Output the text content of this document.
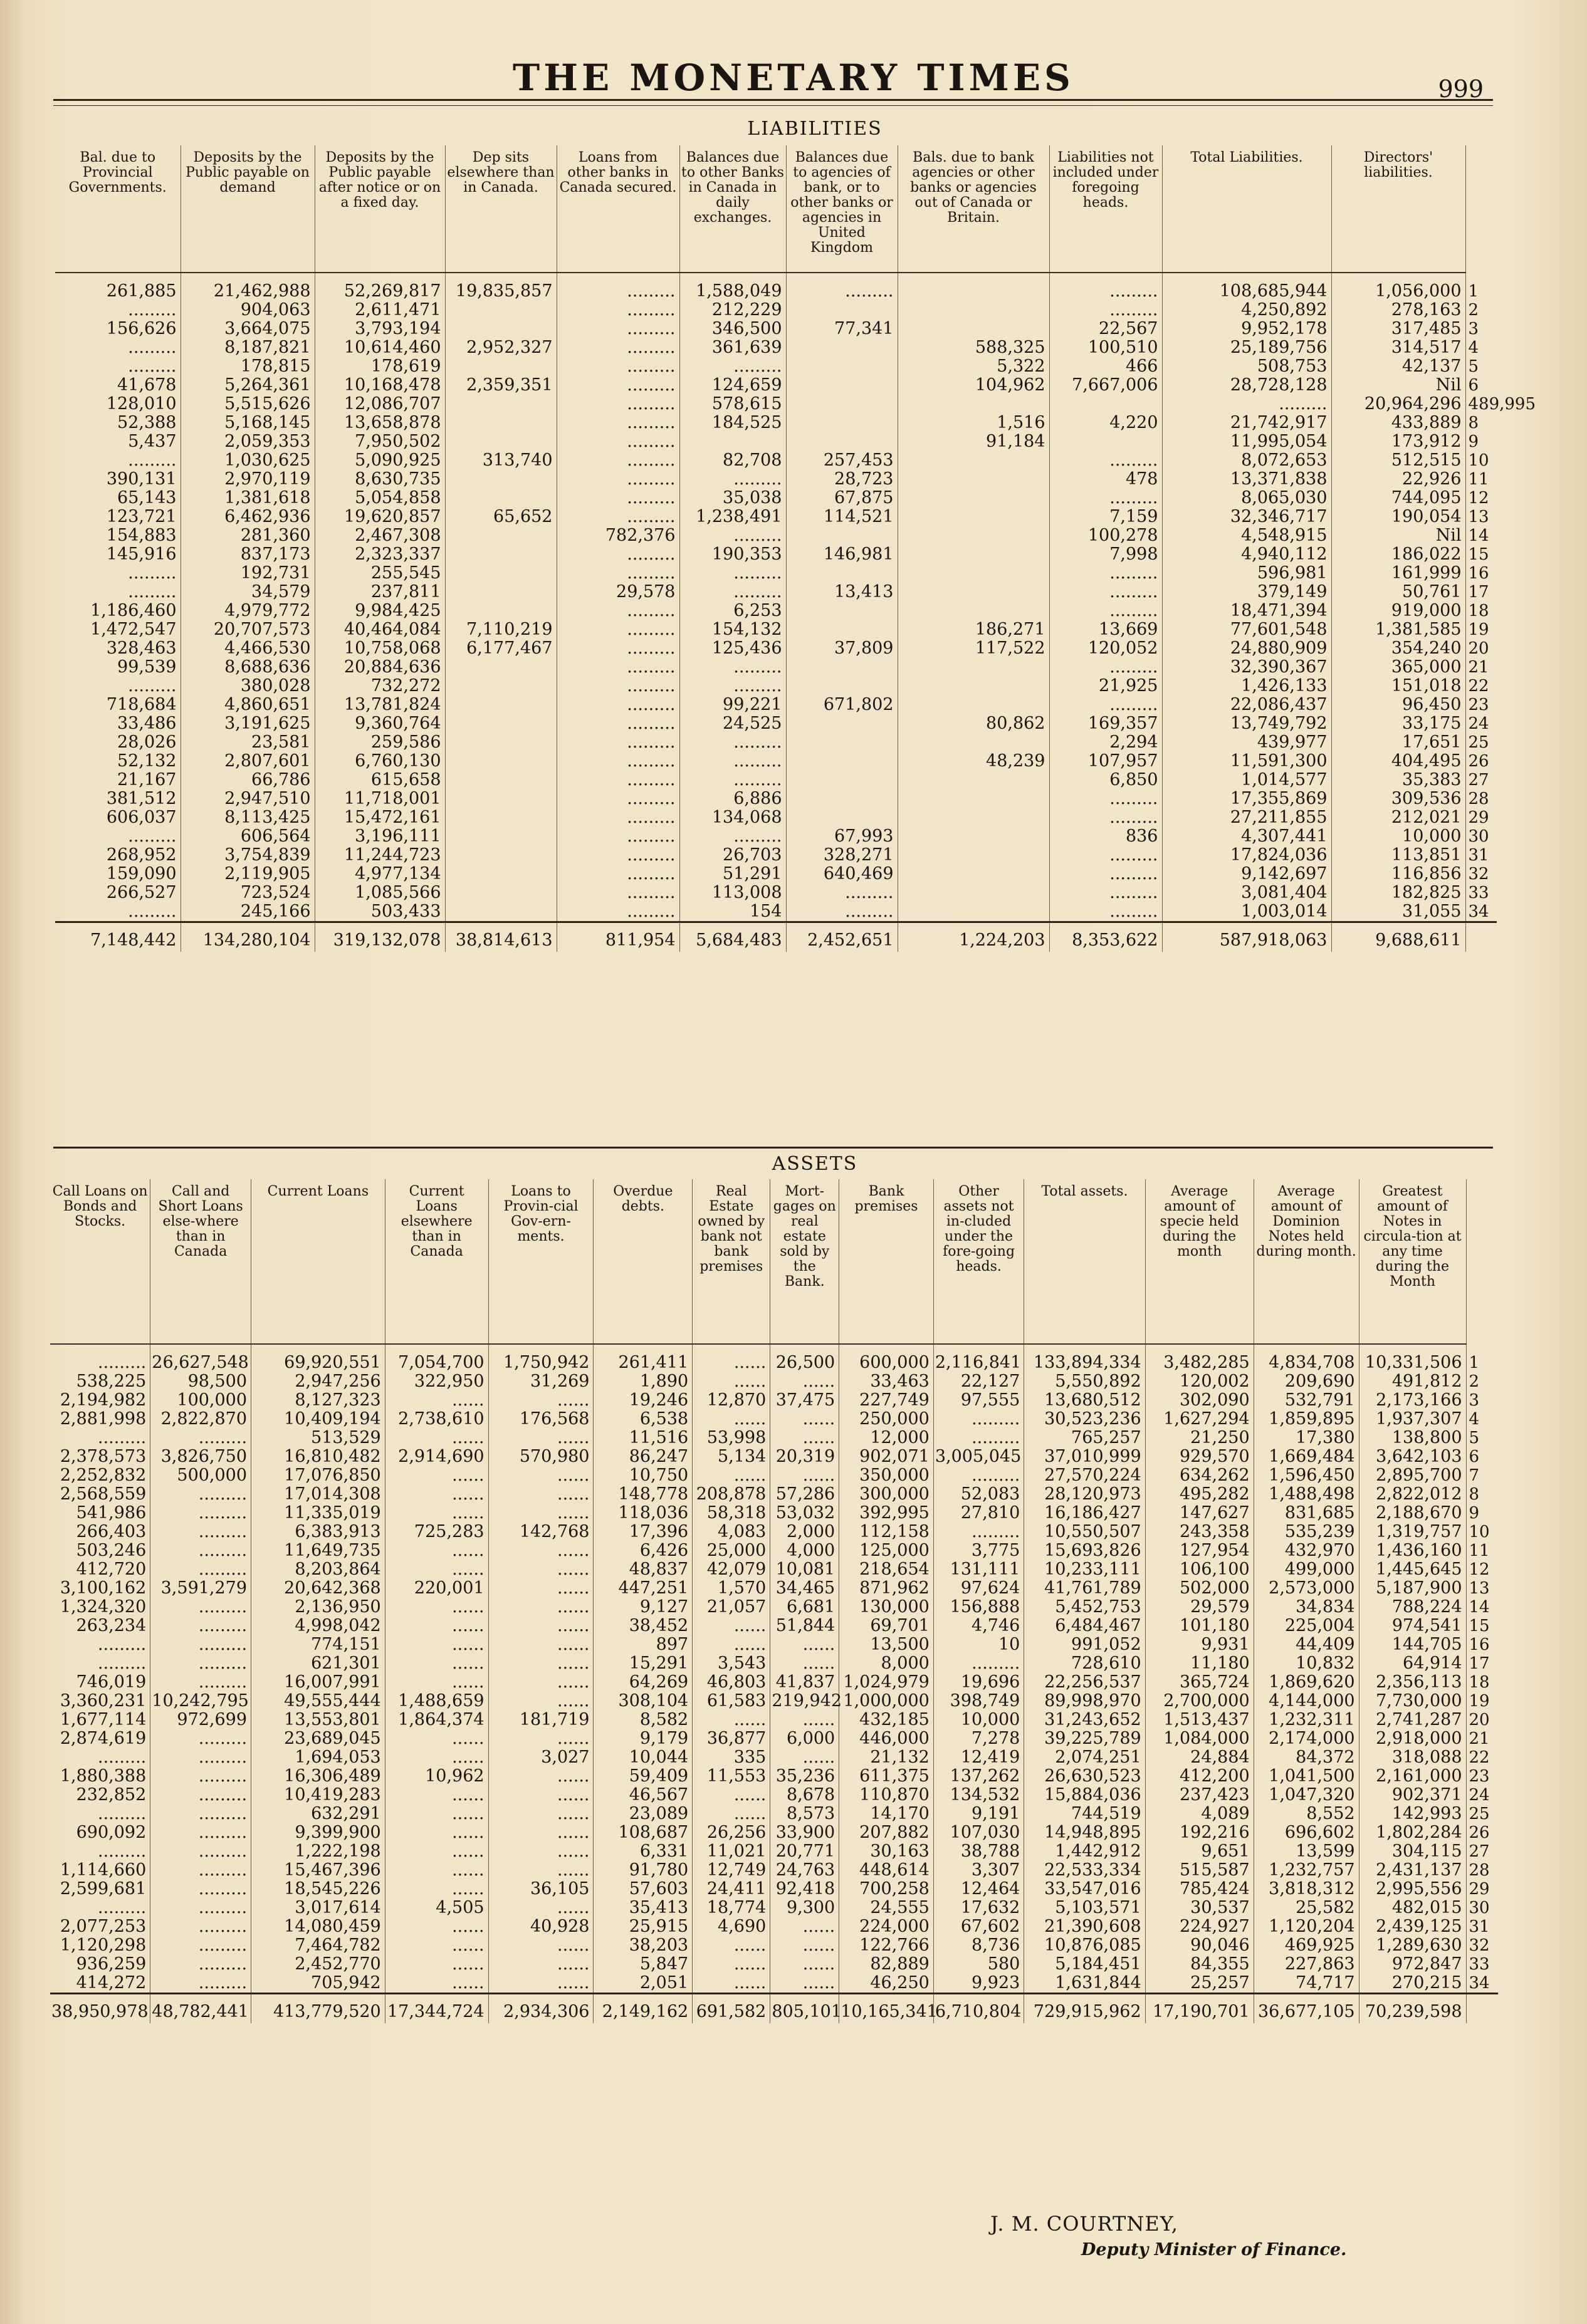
THE MONETARY TIMES	999
LIABILITIES
Bal. due to Provincial Governments.	Deposits by the Public payable on demand	Deposits by the Public payable after notice or on a fixed day.	Dep sits elsewhere than in Canada.	Loans from other banks in Canada secured.	Balances due to other Banks in Canada in daily exchanges.	Balances due to agencies of bank, or to other banks or agencies in United Kingdom	Bals. due to bank agencies or other banks or agencies out of Canada or Britain.	Liabilities not included under foregoing heads.	Total Liabilities.	Directors' liabilities.	
261,885	21,462,988	52,269,817	19,835,857	.........	1,588,049	.........		.........	108,685,944	1,056,000	1
.........	904,063	2,611,471		.........	212,229			.........	4,250,892	278,163	2
156,626	3,664,075	3,793,194		.........	346,500	77,341		22,567	9,952,178	317,485	3
.........	8,187,821	10,614,460	2,952,327	.........	361,639		588,325	100,510	25,189,756	314,517	4
.........	178,815	178,619		.........	.........		5,322	466	508,753	42,137	5
41,678	5,264,361	10,168,478	2,359,351	.........	124,659		104,962	7,667,006	28,728,128	Nil	6
128,010	5,515,626	12,086,707		.........	578,615				.........	20,964,296	489,995
52,388	5,168,145	13,658,878		.........	184,525		1,516	4,220	21,742,917	433,889	8
5,437	2,059,353	7,950,502		.........			91,184		11,995,054	173,912	9
.........	1,030,625	5,090,925	313,740	.........	82,708	257,453		.........	8,072,653	512,515	10
390,131	2,970,119	8,630,735		.........	.........	28,723		478	13,371,838	22,926	11
65,143	1,381,618	5,054,858		.........	35,038	67,875		.........	8,065,030	744,095	12
123,721	6,462,936	19,620,857	65,652	.........	1,238,491	114,521		7,159	32,346,717	190,054	13
154,883	281,360	2,467,308		782,376	.........			100,278	4,548,915	Nil	14
145,916	837,173	2,323,337		.........	190,353	146,981		7,998	4,940,112	186,022	15
.........	192,731	255,545		.........	.........			.........	596,981	161,999	16
.........	34,579	237,811		29,578	.........	13,413		.........	379,149	50,761	17
1,186,460	4,979,772	9,984,425		.........	6,253			.........	18,471,394	919,000	18
1,472,547	20,707,573	40,464,084	7,110,219	.........	154,132		186,271	13,669	77,601,548	1,381,585	19
328,463	4,466,530	10,758,068	6,177,467	.........	125,436	37,809	117,522	120,052	24,880,909	354,240	20
99,539	8,688,636	20,884,636		.........	.........			.........	32,390,367	365,000	21
.........	380,028	732,272		.........	.........			21,925	1,426,133	151,018	22
718,684	4,860,651	13,781,824		.........	99,221	671,802		.........	22,086,437	96,450	23
33,486	3,191,625	9,360,764		.........	24,525		80,862	169,357	13,749,792	33,175	24
28,026	23,581	259,586		.........	.........			2,294	439,977	17,651	25
52,132	2,807,601	6,760,130		.........	.........		48,239	107,957	11,591,300	404,495	26
21,167	66,786	615,658		.........	.........			6,850	1,014,577	35,383	27
381,512	2,947,510	11,718,001		.........	6,886			.........	17,355,869	309,536	28
606,037	8,113,425	15,472,161		.........	134,068			.........	27,211,855	212,021	29
.........	606,564	3,196,111		.........	.........	67,993		836	4,307,441	10,000	30
268,952	3,754,839	11,244,723		.........	26,703	328,271		.........	17,824,036	113,851	31
159,090	2,119,905	4,977,134		.........	51,291	640,469		.........	9,142,697	116,856	32
266,527	723,524	1,085,566		.........	113,008	.........		.........	3,081,404	182,825	33
.........	245,166	503,433		.........	154	.........		.........	1,003,014	31,055	34
7,148,442	134,280,104	319,132,078	38,814,613	811,954	5,684,483	2,452,651	1,224,203	8,353,622	587,918,063	9,688,611	
ASSETS
Call Loans on Bonds and Stocks.	Call and Short Loans else-where than in Canada	Current Loans	Current Loans elsewhere than in Canada	Loans to Provin-cial Gov-ern-ments.	Overdue debts.	Real Estate owned by bank not bank premises	Mort-gages on real estate sold by the Bank.	Bank premises	Other assets not in-cluded under the fore-going heads.	Total assets.	Average amount of specie held during the month	Average amount of Dominion Notes held during month.	Greatest amount of Notes in circula-tion at any time during the Month	
.........	26,627,548	69,920,551	7,054,700	1,750,942	261,411	......	26,500	600,000	2,116,841	133,894,334	3,482,285	4,834,708	10,331,506	1
538,225	98,500	2,947,256	322,950	31,269	1,890	......	......	33,463	22,127	5,550,892	120,002	209,690	491,812	2
2,194,982	100,000	8,127,323	......	......	19,246	12,870	37,475	227,749	97,555	13,680,512	302,090	532,791	2,173,166	3
2,881,998	2,822,870	10,409,194	2,738,610	176,568	6,538	......	......	250,000	.........	30,523,236	1,627,294	1,859,895	1,937,307	4
.........	.........	513,529	......	......	11,516	53,998	......	12,000	.........	765,257	21,250	17,380	138,800	5
2,378,573	3,826,750	16,810,482	2,914,690	570,980	86,247	5,134	20,319	902,071	3,005,045	37,010,999	929,570	1,669,484	3,642,103	6
2,252,832	500,000	17,076,850	......	......	10,750	......	......	350,000	.........	27,570,224	634,262	1,596,450	2,895,700	7
2,568,559	.........	17,014,308	......	......	148,778	208,878	57,286	300,000	52,083	28,120,973	495,282	1,488,498	2,822,012	8
541,986	.........	11,335,019	......	......	118,036	58,318	53,032	392,995	27,810	16,186,427	147,627	831,685	2,188,670	9
266,403	.........	6,383,913	725,283	142,768	17,396	4,083	2,000	112,158	.........	10,550,507	243,358	535,239	1,319,757	10
503,246	.........	11,649,735	......	......	6,426	25,000	4,000	125,000	3,775	15,693,826	127,954	432,970	1,436,160	11
412,720	.........	8,203,864	......	......	48,837	42,079	10,081	218,654	131,111	10,233,111	106,100	499,000	1,445,645	12
3,100,162	3,591,279	20,642,368	220,001	......	447,251	1,570	34,465	871,962	97,624	41,761,789	502,000	2,573,000	5,187,900	13
1,324,320	.........	2,136,950	......	......	9,127	21,057	6,681	130,000	156,888	5,452,753	29,579	34,834	788,224	14
263,234	.........	4,998,042	......	......	38,452	......	51,844	69,701	4,746	6,484,467	101,180	225,004	974,541	15
.........	.........	774,151	......	......	897	......	......	13,500	10	991,052	9,931	44,409	144,705	16
.........	.........	621,301	......	......	15,291	3,543	......	8,000	.........	728,610	11,180	10,832	64,914	17
746,019	.........	16,007,991	......	......	64,269	46,803	41,837	1,024,979	19,696	22,256,537	365,724	1,869,620	2,356,113	18
3,360,231	10,242,795	49,555,444	1,488,659	......	308,104	61,583	219,942	1,000,000	398,749	89,998,970	2,700,000	4,144,000	7,730,000	19
1,677,114	972,699	13,553,801	1,864,374	181,719	8,582	......	......	432,185	10,000	31,243,652	1,513,437	1,232,311	2,741,287	20
2,874,619	.........	23,689,045	......	......	9,179	36,877	6,000	446,000	7,278	39,225,789	1,084,000	2,174,000	2,918,000	21
.........	.........	1,694,053	......	3,027	10,044	335	......	21,132	12,419	2,074,251	24,884	84,372	318,088	22
1,880,388	.........	16,306,489	10,962	......	59,409	11,553	35,236	611,375	137,262	26,630,523	412,200	1,041,500	2,161,000	23
232,852	.........	10,419,283	......	......	46,567	......	8,678	110,870	134,532	15,884,036	237,423	1,047,320	902,371	24
.........	.........	632,291	......	......	23,089	......	8,573	14,170	9,191	744,519	4,089	8,552	142,993	25
690,092	.........	9,399,900	......	......	108,687	26,256	33,900	207,882	107,030	14,948,895	192,216	696,602	1,802,284	26
.........	.........	1,222,198	......	......	6,331	11,021	20,771	30,163	38,788	1,442,912	9,651	13,599	304,115	27
1,114,660	.........	15,467,396	......	......	91,780	12,749	24,763	448,614	3,307	22,533,334	515,587	1,232,757	2,431,137	28
2,599,681	.........	18,545,226	......	36,105	57,603	24,411	92,418	700,258	12,464	33,547,016	785,424	3,818,312	2,995,556	29
.........	.........	3,017,614	4,505	......	35,413	18,774	9,300	24,555	17,632	5,103,571	30,537	25,582	482,015	30
2,077,253	.........	14,080,459	......	40,928	25,915	4,690	......	224,000	67,602	21,390,608	224,927	1,120,204	2,439,125	31
1,120,298	.........	7,464,782	......	......	38,203	......	......	122,766	8,736	10,876,085	90,046	469,925	1,289,630	32
936,259	.........	2,452,770	......	......	5,847	......	......	82,889	580	5,184,451	84,355	227,863	972,847	33
414,272	.........	705,942	......	......	2,051	......	......	46,250	9,923	1,631,844	25,257	74,717	270,215	34
38,950,978	48,782,441	413,779,520	17,344,724	2,934,306	2,149,162	691,582	805,101	10,165,341	6,710,804	729,915,962	17,190,701	36,677,105	70,239,598	
J. M. COURTNEY,
Deputy Minister of Finance.
